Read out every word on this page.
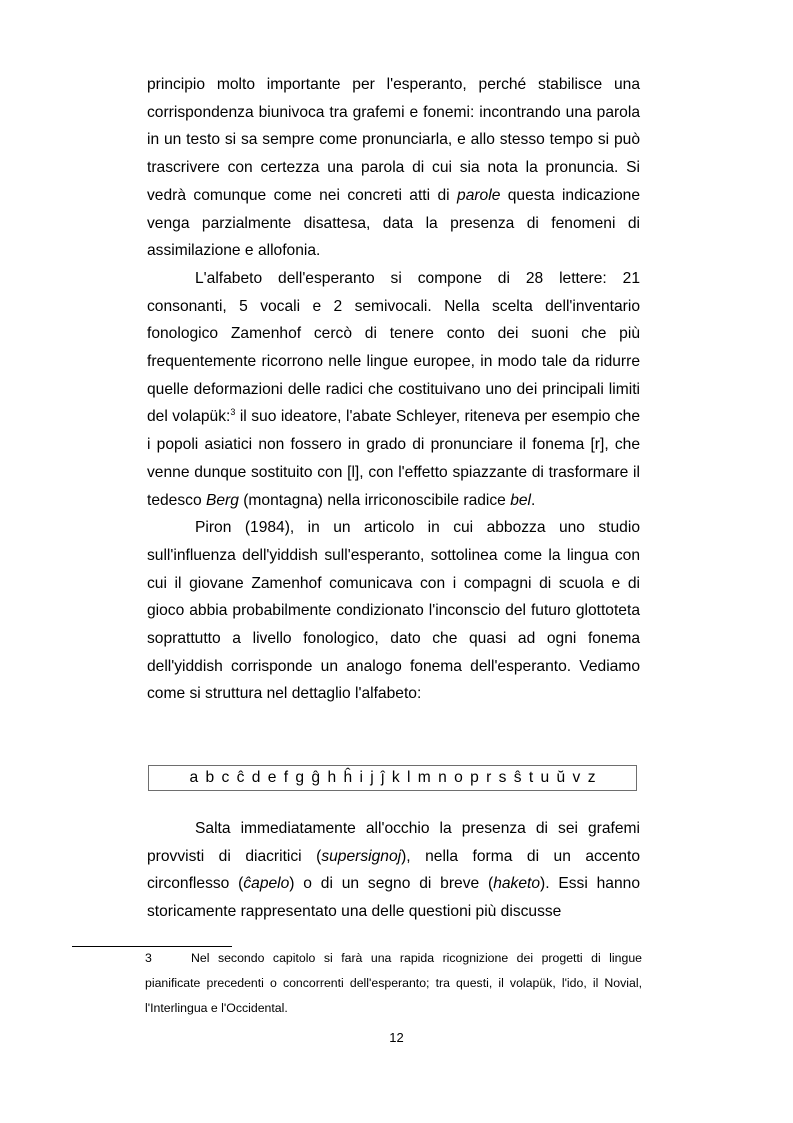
principio molto importante per l'esperanto, perché stabilisce una corrispondenza biunivoca tra grafemi e fonemi: incontrando una parola in un testo si sa sempre come pronunciarla, e allo stesso tempo si può trascrivere con certezza una parola di cui sia nota la pronuncia. Si vedrà comunque come nei concreti atti di parole questa indicazione venga parzialmente disattesa, data la presenza di fenomeni di assimilazione e allofonia.

L'alfabeto dell'esperanto si compone di 28 lettere: 21 consonanti, 5 vocali e 2 semivocali. Nella scelta dell'inventario fonologico Zamenhof cercò di tenere conto dei suoni che più frequentemente ricorrono nelle lingue europee, in modo tale da ridurre quelle deformazioni delle radici che costituivano uno dei principali limiti del volapük:$^3$ il suo ideatore, l'abate Schleyer, riteneva per esempio che i popoli asiatici non fossero in grado di pronunciare il fonema [r], che venne dunque sostituito con [l], con l'effetto spiazzante di trasformare il tedesco Berg (montagna) nella irriconoscibile radice bel.

Piron (1984), in un articolo in cui abbozza uno studio sull'influenza dell'yiddish sull'esperanto, sottolinea come la lingua con cui il giovane Zamenhof comunicava con i compagni di scuola e di gioco abbia probabilmente condizionato l'inconscio del futuro glottoteta soprattutto a livello fonologico, dato che quasi ad ogni fonema dell'yiddish corrisponde un analogo fonema dell'esperanto. Vediamo come si struttura nel dettaglio l'alfabeto:

a b c ĉ d e f g ĝ h ĥ i j ĵ k l m n o p r s ŝ t u ŭ v z

Salta immediatamente all'occhio la presenza di sei grafemi provvisti di diacritici (supersignoj), nella forma di un accento circonflesso (ĉapelo) o di un segno di breve (haketo). Essi hanno storicamente rappresentato una delle questioni più discusse

3	Nel secondo capitolo si farà una rapida ricognizione dei progetti di lingue pianificate precedenti o concorrenti dell'esperanto; tra questi, il volapük, l'ido, il Novial, l'Interlingua e l'Occidental.
12
